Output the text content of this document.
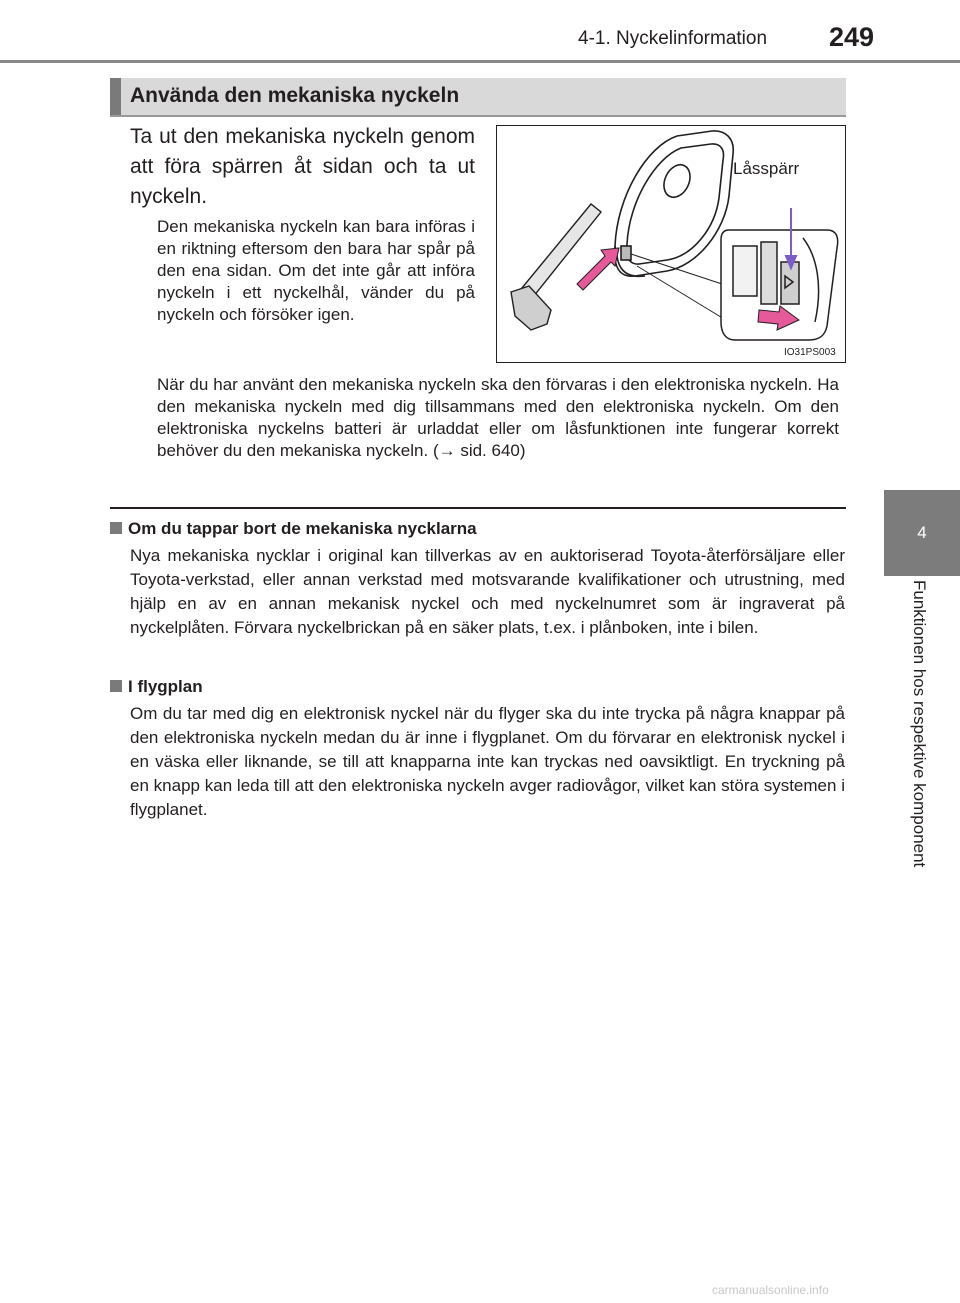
4-1. Nyckelinformation 249
4
Funktionen hos respektive komponent
Använda den mekaniska nyckeln
Ta ut den mekaniska nyckeln genom att föra spärren åt sidan och ta ut nyckeln.
Den mekaniska nyckeln kan bara införas i en riktning eftersom den bara har spår på den ena sidan. Om det inte går att införa nyckeln i ett nyckelhål, vänder du på nyckeln och försöker igen.
Låsspärr
IO31PS003
När du har använt den mekaniska nyckeln ska den förvaras i den elektroniska nyckeln. Ha den mekaniska nyckeln med dig tillsammans med den elektroniska nyckeln. Om den elektroniska nyckelns batteri är urladdat eller om låsfunktionen inte fungerar korrekt behöver du den mekaniska nyckeln. (→ sid. 640)
Om du tappar bort de mekaniska nycklarna
Nya mekaniska nycklar i original kan tillverkas av en auktoriserad Toyota-återförsäljare eller Toyota-verkstad, eller annan verkstad med motsvarande kvalifikationer och utrustning, med hjälp en av en annan mekanisk nyckel och med nyckelnumret som är ingraverat på nyckelplåten. Förvara nyckelbrickan på en säker plats, t.ex. i plånboken, inte i bilen.
I flygplan
Om du tar med dig en elektronisk nyckel när du flyger ska du inte trycka på några knappar på den elektroniska nyckeln medan du är inne i flygplanet. Om du förvarar en elektronisk nyckel i en väska eller liknande, se till att knapparna inte kan tryckas ned oavsiktligt. En tryckning på en knapp kan leda till att den elektroniska nyckeln avger radiovågor, vilket kan störa systemen i flygplanet.
carmanualsonline.info
